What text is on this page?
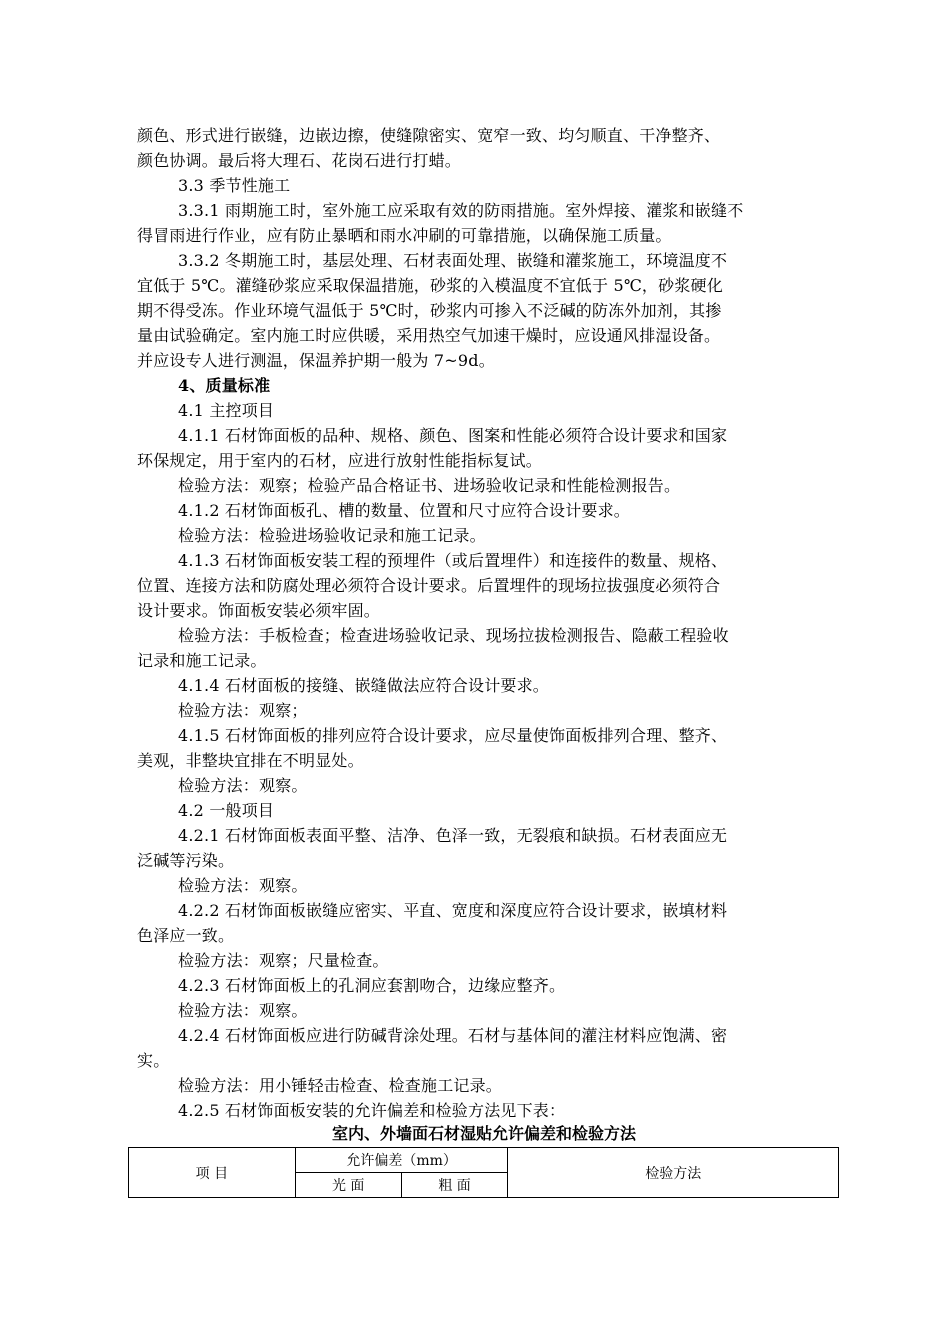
颜色、形式进行嵌缝，边嵌边擦，使缝隙密实、宽窄一致、均匀顺直、干净整齐、
颜色协调。最后将大理石、花岗石进行打蜡。
3.3 季节性施工
3.3.1 雨期施工时，室外施工应采取有效的防雨措施。室外焊接、灌浆和嵌缝不
得冒雨进行作业，应有防止暴晒和雨水冲刷的可靠措施，以确保施工质量。
3.3.2 冬期施工时，基层处理、石材表面处理、嵌缝和灌浆施工，环境温度不
宜低于 5℃。灌缝砂浆应采取保温措施，砂浆的入模温度不宜低于 5℃，砂浆硬化
期不得受冻。作业环境气温低于 5℃时，砂浆内可掺入不泛碱的防冻外加剂，其掺
量由试验确定。室内施工时应供暖，采用热空气加速干燥时，应设通风排湿设备。
并应设专人进行测温，保温养护期一般为 7~9d。
4、质量标准
4.1 主控项目
4.1.1 石材饰面板的品种、规格、颜色、图案和性能必须符合设计要求和国家
环保规定，用于室内的石材，应进行放射性能指标复试。
检验方法：观察；检验产品合格证书、进场验收记录和性能检测报告。
4.1.2 石材饰面板孔、槽的数量、位置和尺寸应符合设计要求。
检验方法：检验进场验收记录和施工记录。
4.1.3 石材饰面板安装工程的预埋件（或后置埋件）和连接件的数量、规格、
位置、连接方法和防腐处理必须符合设计要求。后置埋件的现场拉拔强度必须符合
设计要求。饰面板安装必须牢固。
检验方法：手板检查；检查进场验收记录、现场拉拔检测报告、隐蔽工程验收
记录和施工记录。
4.1.4 石材面板的接缝、嵌缝做法应符合设计要求。
检验方法：观察；
4.1.5 石材饰面板的排列应符合设计要求，应尽量使饰面板排列合理、整齐、
美观，非整块宜排在不明显处。
检验方法：观察。
4.2 一般项目
4.2.1 石材饰面板表面平整、洁净、色泽一致，无裂痕和缺损。石材表面应无
泛碱等污染。
检验方法：观察。
4.2.2 石材饰面板嵌缝应密实、平直、宽度和深度应符合设计要求，嵌填材料
色泽应一致。
检验方法：观察；尺量检查。
4.2.3 石材饰面板上的孔洞应套割吻合，边缘应整齐。
检验方法：观察。
4.2.4 石材饰面板应进行防碱背涂处理。石材与基体间的灌注材料应饱满、密
实。
检验方法：用小锤轻击检查、检查施工记录。
4.2.5 石材饰面板安装的允许偏差和检验方法见下表：
室内、外墙面石材湿贴允许偏差和检验方法
项 目	允许偏差（mm）		检验方法
	光 面	粗 面	
